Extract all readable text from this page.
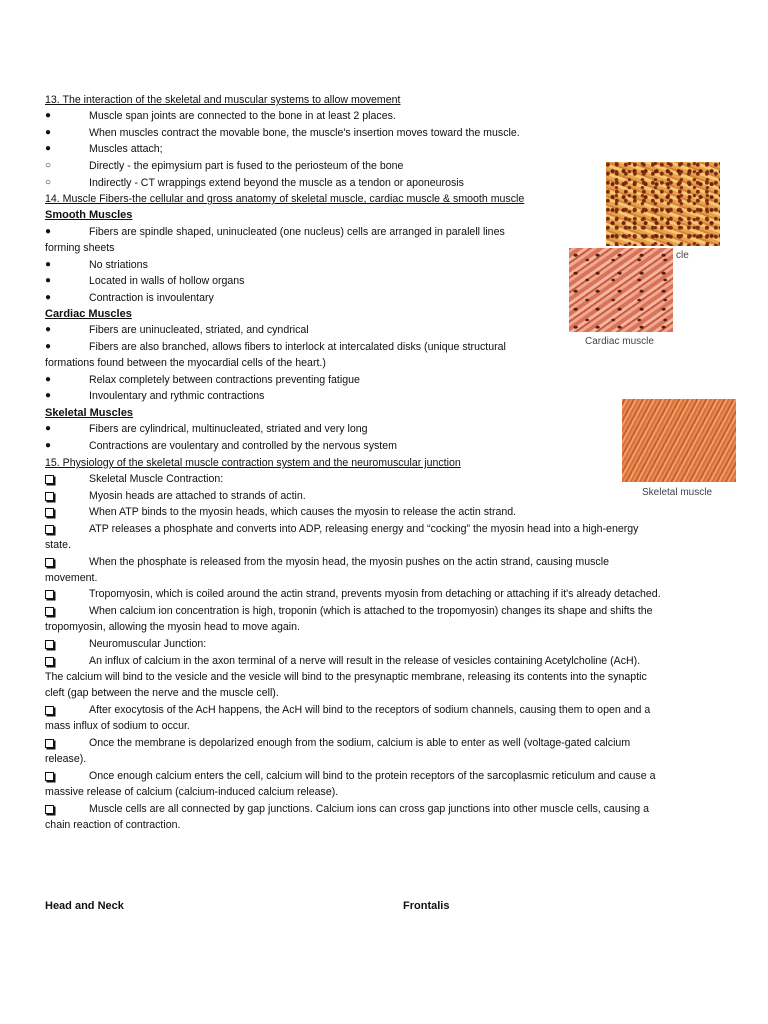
13. The interaction of the skeletal and muscular systems to allow movement
●	Muscle span joints are connected to the bone in at least 2 places.
●	When muscles contract the movable bone, the muscle's insertion moves toward the muscle.
●	Muscles attach;
○	Directly - the epimysium part is fused to the periosteum of the bone
○	Indirectly - CT wrappings extend beyond the muscle as a tendon or aponeurosis
14. Muscle Fibers-the cellular and gross anatomy of skeletal muscle, cardiac muscle & smooth muscle
Smooth Muscles
●	Fibers are spindle shaped, uninucleated (one nucleus) cells are arranged in paralell lines
forming sheets
●	No striations
●	Located in walls of hollow organs
●	Contraction is invoulentary
Cardiac Muscles
●	Fibers are uninucleated, striated, and cyndrical
●	Fibers are also branched, allows fibers to interlock at intercalated disks (unique structural
formations found between the myocardial cells of the heart.)
●	Relax completely between contractions preventing fatigue
●	Invoulentary and rythmic contractions
Skeletal Muscles
●	Fibers are cylindrical, multinucleated, striated and very long
●	Contractions are voulentary and controlled by the nervous system
15. Physiology of the skeletal muscle contraction system and the neuromuscular junction
Skeletal Muscle Contraction:
Myosin heads are attached to strands of actin.
When ATP binds to the myosin heads, which causes the myosin to release the actin strand.
ATP releases a phosphate and converts into ADP, releasing energy and “cocking” the myosin head into a high-energy
state.
When the phosphate is released from the myosin head, the myosin pushes on the actin strand, causing muscle
movement.
Tropomyosin, which is coiled around the actin strand, prevents myosin from detaching or attaching if it's already detached.
When calcium ion concentration is high, troponin (which is attached to the tropomyosin) changes its shape and shifts the
tropomyosin, allowing the myosin head to move again.
Neuromuscular Junction:
An influx of calcium in the axon terminal of a nerve will result in the release of vesicles containing Acetylcholine (AcH).
The calcium will bind to the vesicle and the vesicle will bind to the presynaptic membrane, releasing its contents into the synaptic
cleft (gap between the nerve and the muscle cell).
After exocytosis of the AcH happens, the AcH will bind to the receptors of sodium channels, causing them to open and a
mass influx of sodium to occur.
Once the membrane is depolarized enough from the sodium, calcium is able to enter as well (voltage-gated calcium
release).
Once enough calcium enters the cell, calcium will bind to the protein receptors of the sarcoplasmic reticulum and cause a
massive release of calcium (calcium-induced calcium release).
Muscle cells are all connected by gap junctions. Calcium ions can cross gap junctions into other muscle cells, causing a
chain reaction of contraction.
cle
Cardiac muscle
Skeletal muscle
Head and Neck	Frontalis
